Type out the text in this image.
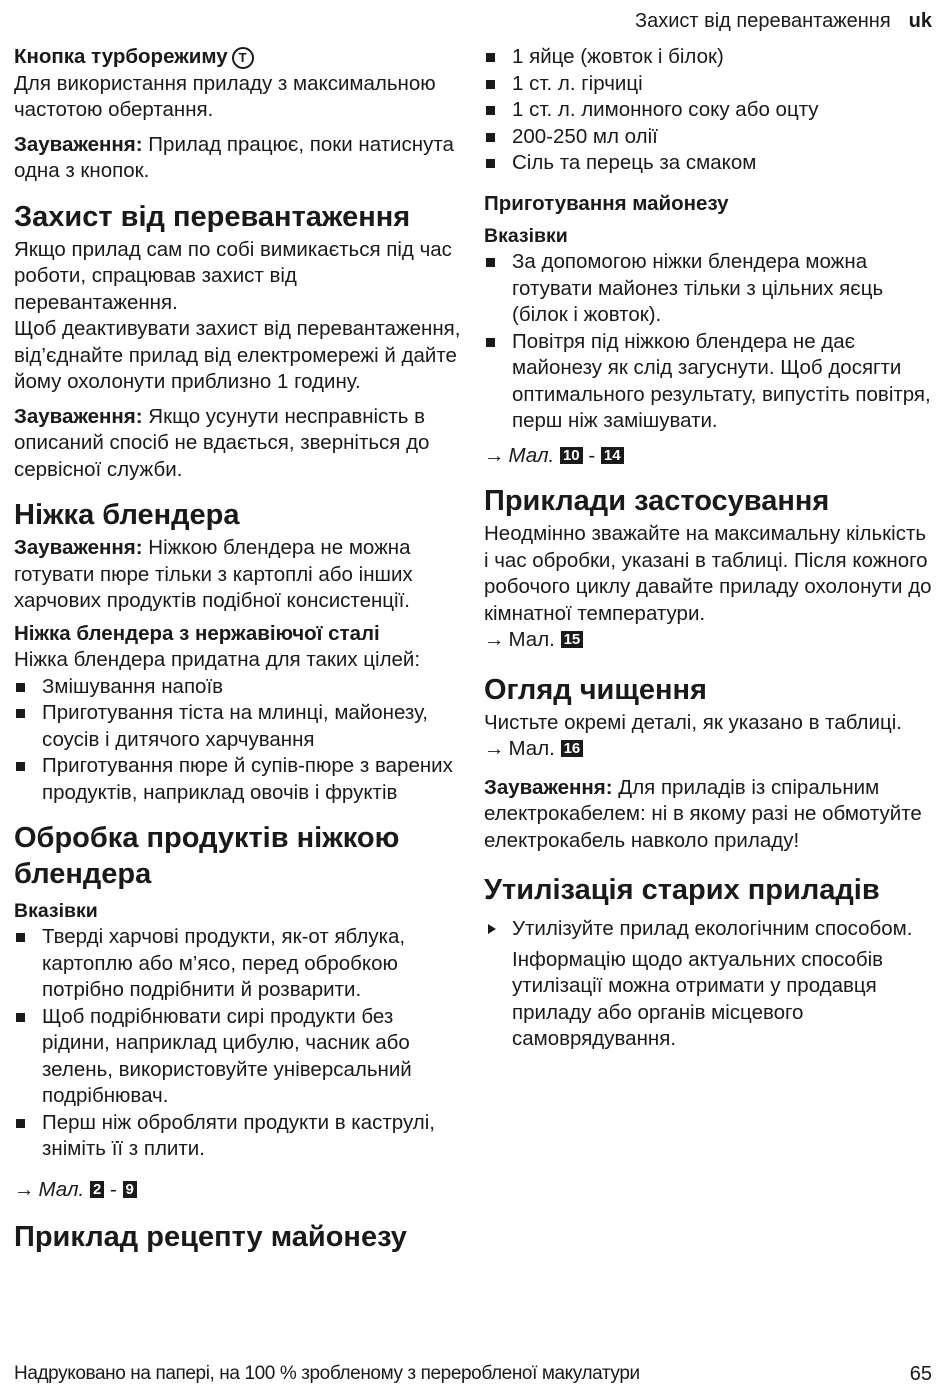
Захист від перевантаження uk
Кнопка турборежиму T

Для використання приладу з максимальною частотою обертання.

Зауваження: Прилад працює, поки натиснута одна з кнопок.

Захист від перевантаження

Якщо прилад сам по собі вимикається під час роботи, спрацював захист від перевантаження.

Щоб деактивувати захист від перевантаження, від’єднайте прилад від електромережі й дайте йому охолонути приблизно 1 годину.

Зауваження: Якщо усунути несправність в описаний спосіб не вдається, зверніться до сервісної служби.

Ніжка блендера

Зауваження: Ніжкою блендера не можна готувати пюре тільки з картоплі або інших харчових продуктів подібної консистенції.

Ніжка блендера з нержавіючої сталі

Ніжка блендера придатна для таких цілей:

Змішування напоїв
Приготування тіста на млинці, майонезу, соусів і дитячого харчування
Приготування пюре й супів-пюре з варених продуктів, наприклад овочів і фруктів
Обробка продуктів ніжкою блендера
Вказівки
Тверді харчові продукти, як-от яблука, картоплю або м’ясо, перед обробкою потрібно подрібнити й розварити.
Щоб подрібнювати сирі продукти без рідини, наприклад цибулю, часник або зелень, використовуйте універсальний подрібнювач.
Перш ніж обробляти продукти в каструлі, зніміть її з плити.

→ Мал. 2 - 9

Приклад рецепту майонезу
1 яйце (жовток і білок)
1 ст. л. гірчиці
1 ст. л. лимонного соку або оцту
200-250 мл олії
Сіль та перець за смаком
Приготування майонезу
Вказівки
За допомогою ніжки блендера можна готувати майонез тільки з цільних яєць (білок і жовток).
Повітря під ніжкою блендера не дає майонезу як слід загуснути. Щоб досягти оптимального результату, випустіть повітря, перш ніж замішувати.

→ Мал. 10 - 14

Приклади застосування

Неодмінно зважайте на максимальну кількість і час обробки, указані в таблиці. Після кожного робочого циклу давайте приладу охолонути до кімнатної температури.

→ Мал. 15

Огляд чищення

Чистьте окремі деталі, як указано в таблиці.

→ Мал. 16

Зауваження: Для приладів із спіральним електрокабелем: ні в якому разі не обмотуйте електрокабель навколо приладу!

Утилізація старих приладів
Утилізуйте прилад екологічним способом.

Інформацію щодо актуальних способів утилізації можна отримати у продавця приладу або органів місцевого самоврядування.

Надруковано на папері, на 100 % зробленому з переробленої макулатури	65
